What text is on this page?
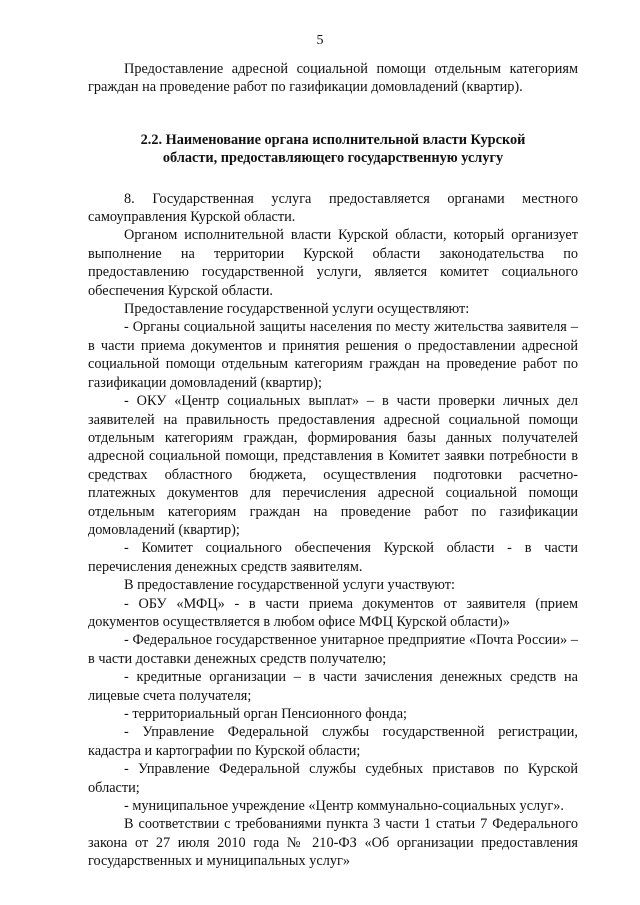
5

Предоставление адресной социальной помощи отдельным категориям граждан на проведение работ по газификации домовладений (квартир).

2.2. Наименование органа исполнительной власти Курской
области, предоставляющего государственную услугу

8. Государственная услуга предоставляется органами местного самоуправления Курской области.

Органом исполнительной власти Курской области, который организует выполнение на территории Курской области законодательства по предоставлению государственной услуги, является комитет социального обеспечения Курской области.

Предоставление государственной услуги осуществляют:

- Органы социальной защиты населения по месту жительства заявителя – в части приема документов и принятия решения о предоставлении адресной социальной помощи отдельным категориям граждан на проведение работ по газификации домовладений (квартир);

- ОКУ «Центр социальных выплат» – в части проверки личных дел заявителей на правильность предоставления адресной социальной помощи отдельным категориям граждан, формирования базы данных получателей адресной социальной помощи, представления в Комитет заявки потребности в средствах областного бюджета, осуществления подготовки расчетно-платежных документов для перечисления адресной социальной помощи отдельным категориям граждан на проведение работ по газификации домовладений (квартир);

- Комитет социального обеспечения Курской области - в части перечисления денежных средств заявителям.

В предоставление государственной услуги участвуют:

- ОБУ «МФЦ» - в части приема документов от заявителя (прием документов осуществляется в любом офисе МФЦ Курской области)»

- Федеральное государственное унитарное предприятие «Почта России» – в части доставки денежных средств получателю;

- кредитные организации – в части зачисления денежных средств на лицевые счета получателя;

- территориальный орган Пенсионного фонда;

- Управление Федеральной службы государственной регистрации, кадастра и картографии по Курской области;

- Управление Федеральной службы судебных приставов по Курской области;

- муниципальное учреждение «Центр коммунально-социальных услуг».

В соответствии с требованиями пункта 3 части 1 статьи 7 Федерального закона от 27 июля 2010 года № 210-ФЗ «Об организации предоставления государственных и муниципальных услуг»
